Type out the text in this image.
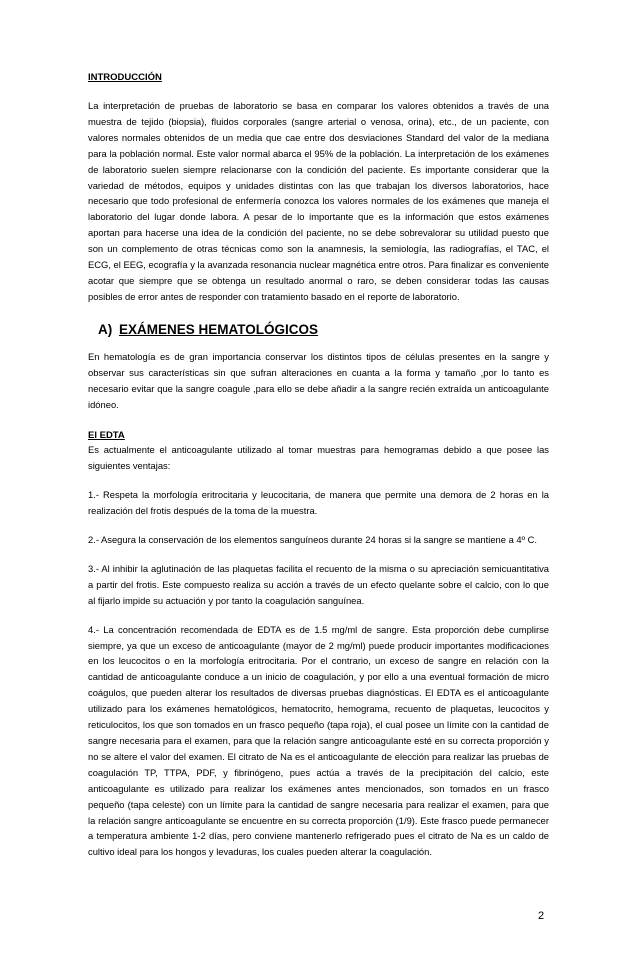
INTRODUCCIÓN

La interpretación de pruebas de laboratorio se basa en comparar los valores obtenidos a través de una muestra de tejido (biopsia), fluidos corporales (sangre arterial o venosa, orina), etc., de un paciente, con valores normales obtenidos de un media que cae entre dos desviaciones Standard del valor de la mediana para la población normal. Este valor normal abarca el 95% de la población. La interpretación de los exámenes de laboratorio suelen siempre relacionarse con la condición del paciente. Es importante considerar que la variedad de métodos, equipos y unidades distintas con las que trabajan los diversos laboratorios, hace necesario que todo profesional de enfermería conozca los valores normales de los exámenes que maneja el laboratorio del lugar donde labora. A pesar de lo importante que es la información que estos exámenes aportan para hacerse una idea de la condición del paciente, no se debe sobrevalorar su utilidad puesto que son un complemento de otras técnicas como son la anamnesis, la semiología, las radiografías, el TAC, el ECG, el EEG, ecografía y la avanzada resonancia nuclear magnética entre otros. Para finalizar es conveniente acotar que siempre que se obtenga un resultado anormal o raro, se deben considerar todas las causas posibles de error antes de responder con tratamiento basado en el reporte de laboratorio.

A) EXÁMENES HEMATOLÓGICOS

En hematología es de gran importancia conservar los distintos tipos de células presentes en la sangre y observar sus características sin que sufran alteraciones en cuanta a la forma y tamaño ,por lo tanto es necesario evitar que la sangre coagule ,para ello se debe añadir a la sangre recién extraída un anticoagulante idóneo.

El EDTA

Es actualmente el anticoagulante utilizado al tomar muestras para hemogramas debido a que posee las siguientes ventajas:

1.- Respeta la morfología eritrocitaria y leucocitaria, de manera que permite una demora de 2 horas en la realización del frotis después de la toma de la muestra.

2.- Asegura la conservación de los elementos sanguíneos durante 24 horas si la sangre se mantiene a 4º C.

3.- Al inhibir la aglutinación de las plaquetas facilita el recuento de la misma o su apreciación semicuantitativa a partir del frotis. Este compuesto realiza su acción a través de un efecto quelante sobre el calcio, con lo que al fijarlo impide su actuación y por tanto la coagulación sanguínea.

4.- La concentración recomendada de EDTA es de 1.5 mg/ml de sangre. Esta proporción debe cumplirse siempre, ya que un exceso de anticoagulante (mayor de 2 mg/ml) puede producir importantes modificaciones en los leucocitos o en la morfología eritrocitaria. Por el contrario, un exceso de sangre en relación con la cantidad de anticoagulante conduce a un inicio de coagulación, y por ello a una eventual formación de micro coágulos, que pueden alterar los resultados de diversas pruebas diagnósticas. El EDTA es el anticoagulante utilizado para los exámenes hematológicos, hematocrito, hemograma, recuento de plaquetas, leucocitos y reticulocitos, los que son tomados en un frasco pequeño (tapa roja), el cual posee un límite con la cantidad de sangre necesaria para el examen, para que la relación sangre anticoagulante esté en su correcta proporción y no se altere el valor del examen. El citrato de Na es el anticoagulante de elección para realizar las pruebas de coagulación TP, TTPA, PDF, y fibrinógeno, pues actúa a través de la precipitación del calcio, este anticoagulante es utilizado para realizar los exámenes antes mencionados, son tomados en un frasco pequeño (tapa celeste) con un límite para la cantidad de sangre necesaria para realizar el examen, para que la relación sangre anticoagulante se encuentre en su correcta proporción (1/9). Este frasco puede permanecer a temperatura ambiente 1-2 días, pero conviene mantenerlo refrigerado pues el citrato de Na es un caldo de cultivo ideal para los hongos y levaduras, los cuales pueden alterar la coagulación.

2
